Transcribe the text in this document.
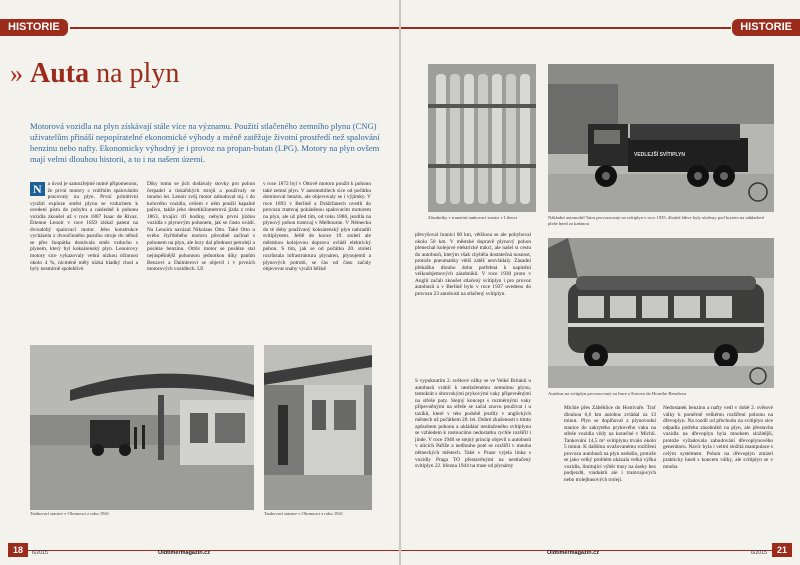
HISTORIE
» Auta na plyn
Motorová vozidla na plyn získávají stále více na významu. Použití stlačeného zemního plynu (CNG) uživatelům přináší nepopíratelné ekonomické výhody a méně zatěžuje životní prostředí než spalování benzinu nebo nafty. Ekonomicky výhodný je i provoz na propan-butan (LPG). Motory na plyn ovšem mají velmi dlouhou historii, a to i na našem území.
N	a úvod je samozřejmé nutné připomenout, že první motory s vnitřním spalováním pracovaly na plyn. První primitivní využití exploze směsi plynu se vzduchem k uvedení pístu do pohybu a následně k pohonu vozidla zkoušel už v roce 1807 Isaac de Rivaz. Étienne Lenoir v roce 1859 získal patent na dvoudobý spalovací motor. Jeho konstrukce vycházela z dvoučinného parního stroje do něhož se přes šoupátka dostávala směs vzduchu s plynem, který byl koksárenský plyn. Lenoirovy motory sice vykazovaly velmi nízkou účinnost okolo 4 %, nicméně měly nízká hladký chod a byly nesmírně spolehlivé.
Díky tomu se jich dodávaly stovky pro pohon čerpadel a tiskařských strojů a používaly se mnoho let. Lenoir svůj motor zabudoval mj. i do kolového vozidla, ovšem v něm použil kapalné palivo, takže jeho desetikilometrová jízda z roku 1863, trvající tři hodiny, nebyla první jízdou vozidla s plynovým pohonem, jak se často uvádí. Na Lenoira navázal Nikolaus Otto. Také Otto u svého čtyřdobého motoru původně začínal s pohonem na plyn, ale brzy dal přednost petroleji a posléze benzinu. Ottův motor se posléze stal nejúspěšnější pohonnou jednotkou díky panům Benzovi a Daimlerovi se objevil i v prvních motorových vozidlech. Už
v roce 1872 byl v Ottově motoru použit k pohonu také zemní plyn. V automobilech sice od počátku dominoval benzin, ale objevovaly se i výjimky. V roce 1893 v Berlíně a Drážďanech uvedli do provozu tramvaj poháněnou spalovacím motorem na plyn, ale už před tím, od roku 1886, jezdila na plynový pohon tramvaj v Melbourne. V Německu do té doby používaný koksárenský plyn nahradili svítiplynem. Ještě do konce 19. století ale městskou kolejovou dopravu ovládl elektrický pohon. S tím, jak se od počátku 20. století rozrůstala infrastruktura plynáren, plynojemů a plynových potrubí, se čas od času začaly objevovat snahy využít běžně
Tankovací stanice v Olomouci z roku 1941	Tankovací stanice v Olomouci z roku 1941
18	6/2015	Oldtimermagazin.cz
HISTORIE
Zásobníky v tranzitní tankovací stanici v Liberci
VEDLEJŠÍ SVÍTIPLYN
Nákladní automobil Tatra provozovaný na svítiplyn v roce 1935, dlouhé láhve byly uloženy pod krytem na nákladové ploše hned za kabinou
převyšoval hranici 80 km, většinou se ale pohyboval okolo 50 km. V městské dopravě plynový pohon přenechal kolejové elektrické trakci, ale našel si cestu do autobusů, kterým však chyběla dostatečná nosnost, protože pneumatiky větší zátěž nezvládaly. Zásadní překážku dlouho dobu potřebná k naplnění velkoobjemových zásobníků. V roce 1930 proto v Anglii začali zkoušet stlačený svítiplyn i pro provoz autobusů a v Berlíně bylo v roce 1937 uvedeno do provozu 23 autobusů na stlačený svítiplyn.
Autobus na svítiplyn provozovaný na lince z Krnova do Horního Benešova
S vypuknutím 2. světové války se ve Velké Británii u autobusů vrátili k nestlačenému zemnímu plynu, tentokrát s obrovskými prykovými vaky připevněnými na střeše paty. Stejný koncept s rozměrnými vaky připevněnými na střeše se začal znovu používat i u taxíků, které v této podobě jezdily v anglických městech už počátkem 20. let. Dobré zkušenosti s tímto způsobem pohonu a ukládání nestlačeného svítiplynu se vzhledem k rostoucímu nedostatku rychle rozšířil i jinde. V roce 1940 se stejný princip objevil u autobusů v ulicích Paříže a nedlouho poté se rozšířil v mnoha německých městech. Také v Praze vyjela linka s vozidly Praga TO přestavěnými na nestlačený svítiplyn 22. března 1944 na trase od plynárny
Michle přes Záběhlice do Hostivaře. Trať dlouhou 6,6 km autobus zvládal za 13 minut. Plyn se doplňoval z plynovodní stanice do zakrytého prykového vaku na střeše vozidla vždy na konečné v Michli. Tankování 14,5 m³ svítiplynu trvalo okolo 5 minut. K dalšímu uvažovanému rozšíření provozu autobusů na plyn nedošlo, protože se jako velký problém ukázala velká výška vozidla, limitující výběr trasy na úseky bez podjezdů, viaduktů ale i tramvajových nebo trolejbusových trolejí.
Nedostatek benzinu a nafty vedl v době 2. světové války k poměrně velkému rozšíření pohonu na dřevoplyn. Na rozdíl od přechodu na svítiplyn sice odpadla potřeba zásobníků na plyn, ale přestavba vozidla na dřevoplyn byla mnohem složitější, protože vyžadovala zabudování dřevoplynového generátoru. Navíc byla i velmi složitá manipulace s celým systémem. Pohon na dřevoplyn zmizel prakticky hned s koncem války, ale svítiplyn se v mnoha
Oldtimermagazin.cz	6/2015	21
